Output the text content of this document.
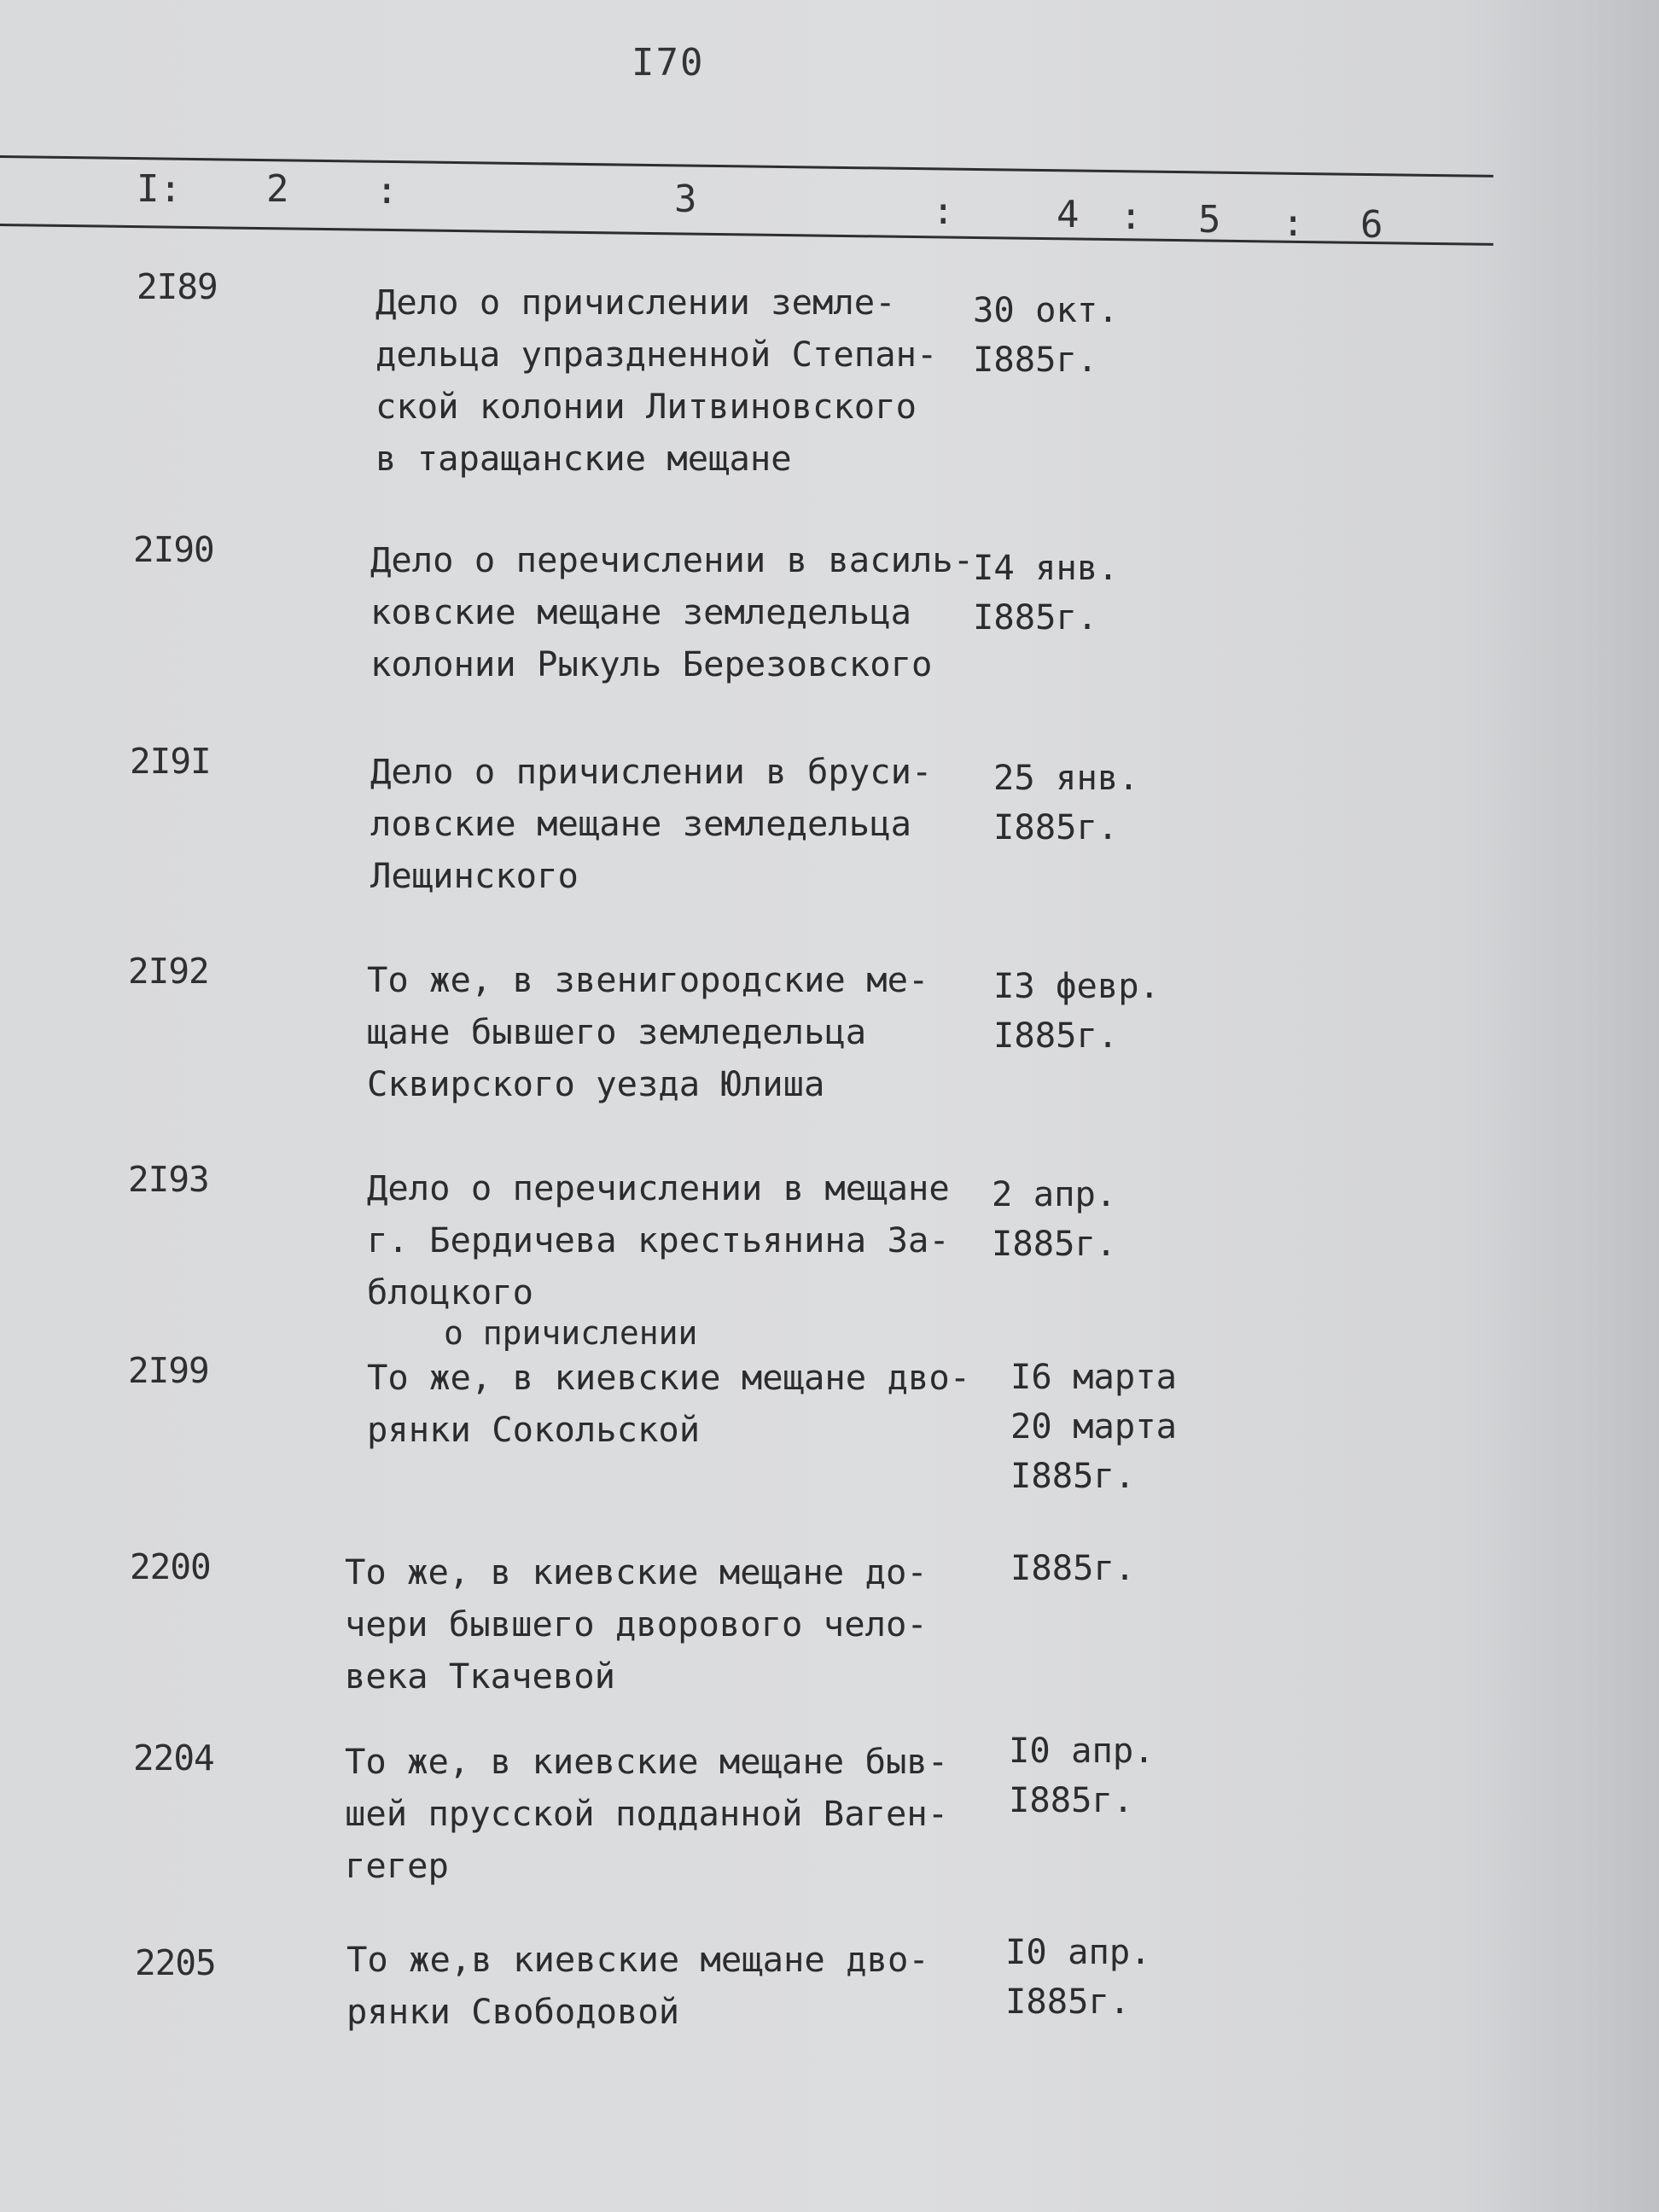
I70
I: 2 :	3	:	4 : 5 : 6
2I89	Дело о причислении земле-
дельца упраздненной Степан-
ской колонии Литвиновского
в таращанские мещане
30 окт.
I885г.
2I90	Дело о перечислении в василь-
ковские мещане земледельца
колонии Рыкуль Березовского
I4 янв.
I885г.
2I9I	Дело о причислении в бруси-
ловские мещане земледельца
Лещинского
25 янв.
I885г.
2I92	То же, в звенигородские ме-
щане бывшего земледельца
Сквирского уезда Юлиша
I3 февр.
I885г.
2I93	Дело о перечислении в мещане
г. Бердичева крестьянина За-
блоцкого
2 апр.
I885г.
о причислении
2I99	То же, в киевские мещане дво-
рянки Сокольской
I6 марта
20 марта
I885г.
2200	То же, в киевские мещане до-
чери бывшего дворового чело-
века Ткачевой
I885г.
2204	То же, в киевские мещане быв-
шей прусской подданной Ваген-
гегер
I0 апр.
I885г.
2205	То же,в киевские мещане дво-
рянки Свободовой
I0 апр.
I885г.
